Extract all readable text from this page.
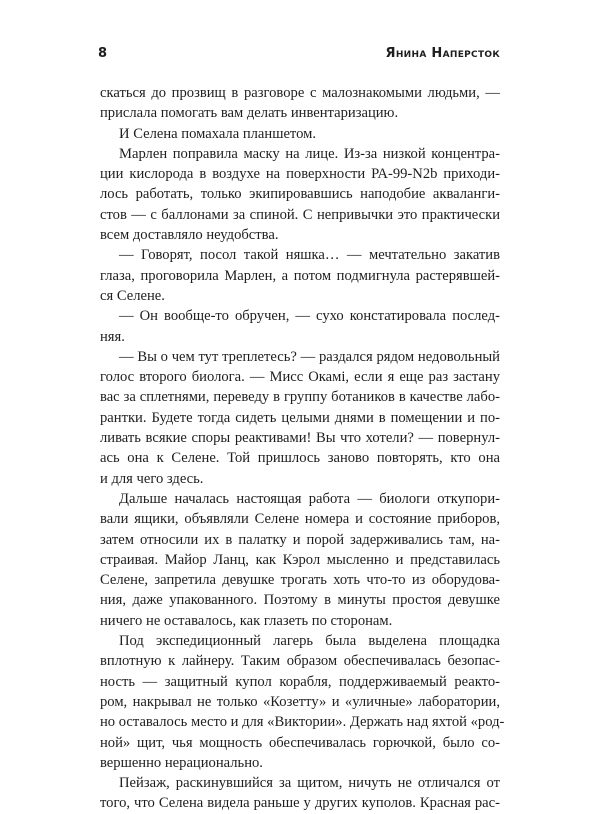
8	Янина Наперсток
скаться до прозвищ в разговоре с малознакомыми людьми, —
прислала помогать вам делать инвентаризацию.
И Селена помахала планшетом.
Марлен поправила маску на лице. Из-за низкой концентра-
ции кислорода в воздухе на поверхности РА-99-N2b приходи-
лось работать, только экипировавшись наподобие акваланги-
стов — с баллонами за спиной. С непривычки это практически
всем доставляло неудобства.
— Говорят, посол такой няшка… — мечтательно закатив
глаза, проговорила Марлен, а потом подмигнула растерявшей-
ся Селене.
— Он вообще-то обручен, — сухо констатировала послед-
няя.
— Вы о чем тут треплетесь? — раздался рядом недовольный
голос второго биолога. — Мисс Окамі, если я еще раз застану
вас за сплетнями, переведу в группу ботаников в качестве лабо-
рантки. Будете тогда сидеть целыми днями в помещении и по-
ливать всякие споры реактивами! Вы что хотели? — повернул-
ась она к Селене. Той пришлось заново повторять, кто она
и для чего здесь.
Дальше началась настоящая работа — биологи откупори-
вали ящики, объявляли Селене номера и состояние приборов,
затем относили их в палатку и порой задерживались там, на-
страивая. Майор Ланц, как Кэрол мысленно и представилась
Селене, запретила девушке трогать хоть что-то из оборудова-
ния, даже упакованного. Поэтому в минуты простоя девушке
ничего не оставалось, как глазеть по сторонам.
Под экспедиционный лагерь была выделена площадка
вплотную к лайнеру. Таким образом обеспечивалась безопас-
ность — защитный купол корабля, поддерживаемый реакто-
ром, накрывал не только «Козетту» и «уличные» лаборатории,
но оставалось место и для «Виктории». Держать над яхтой «род-
ной» щит, чья мощность обеспечивалась горючкой, было со-
вершенно нерационально.
Пейзаж, раскинувшийся за щитом, ничуть не отличался от
того, что Селена видела раньше у других куполов. Красная рас-
